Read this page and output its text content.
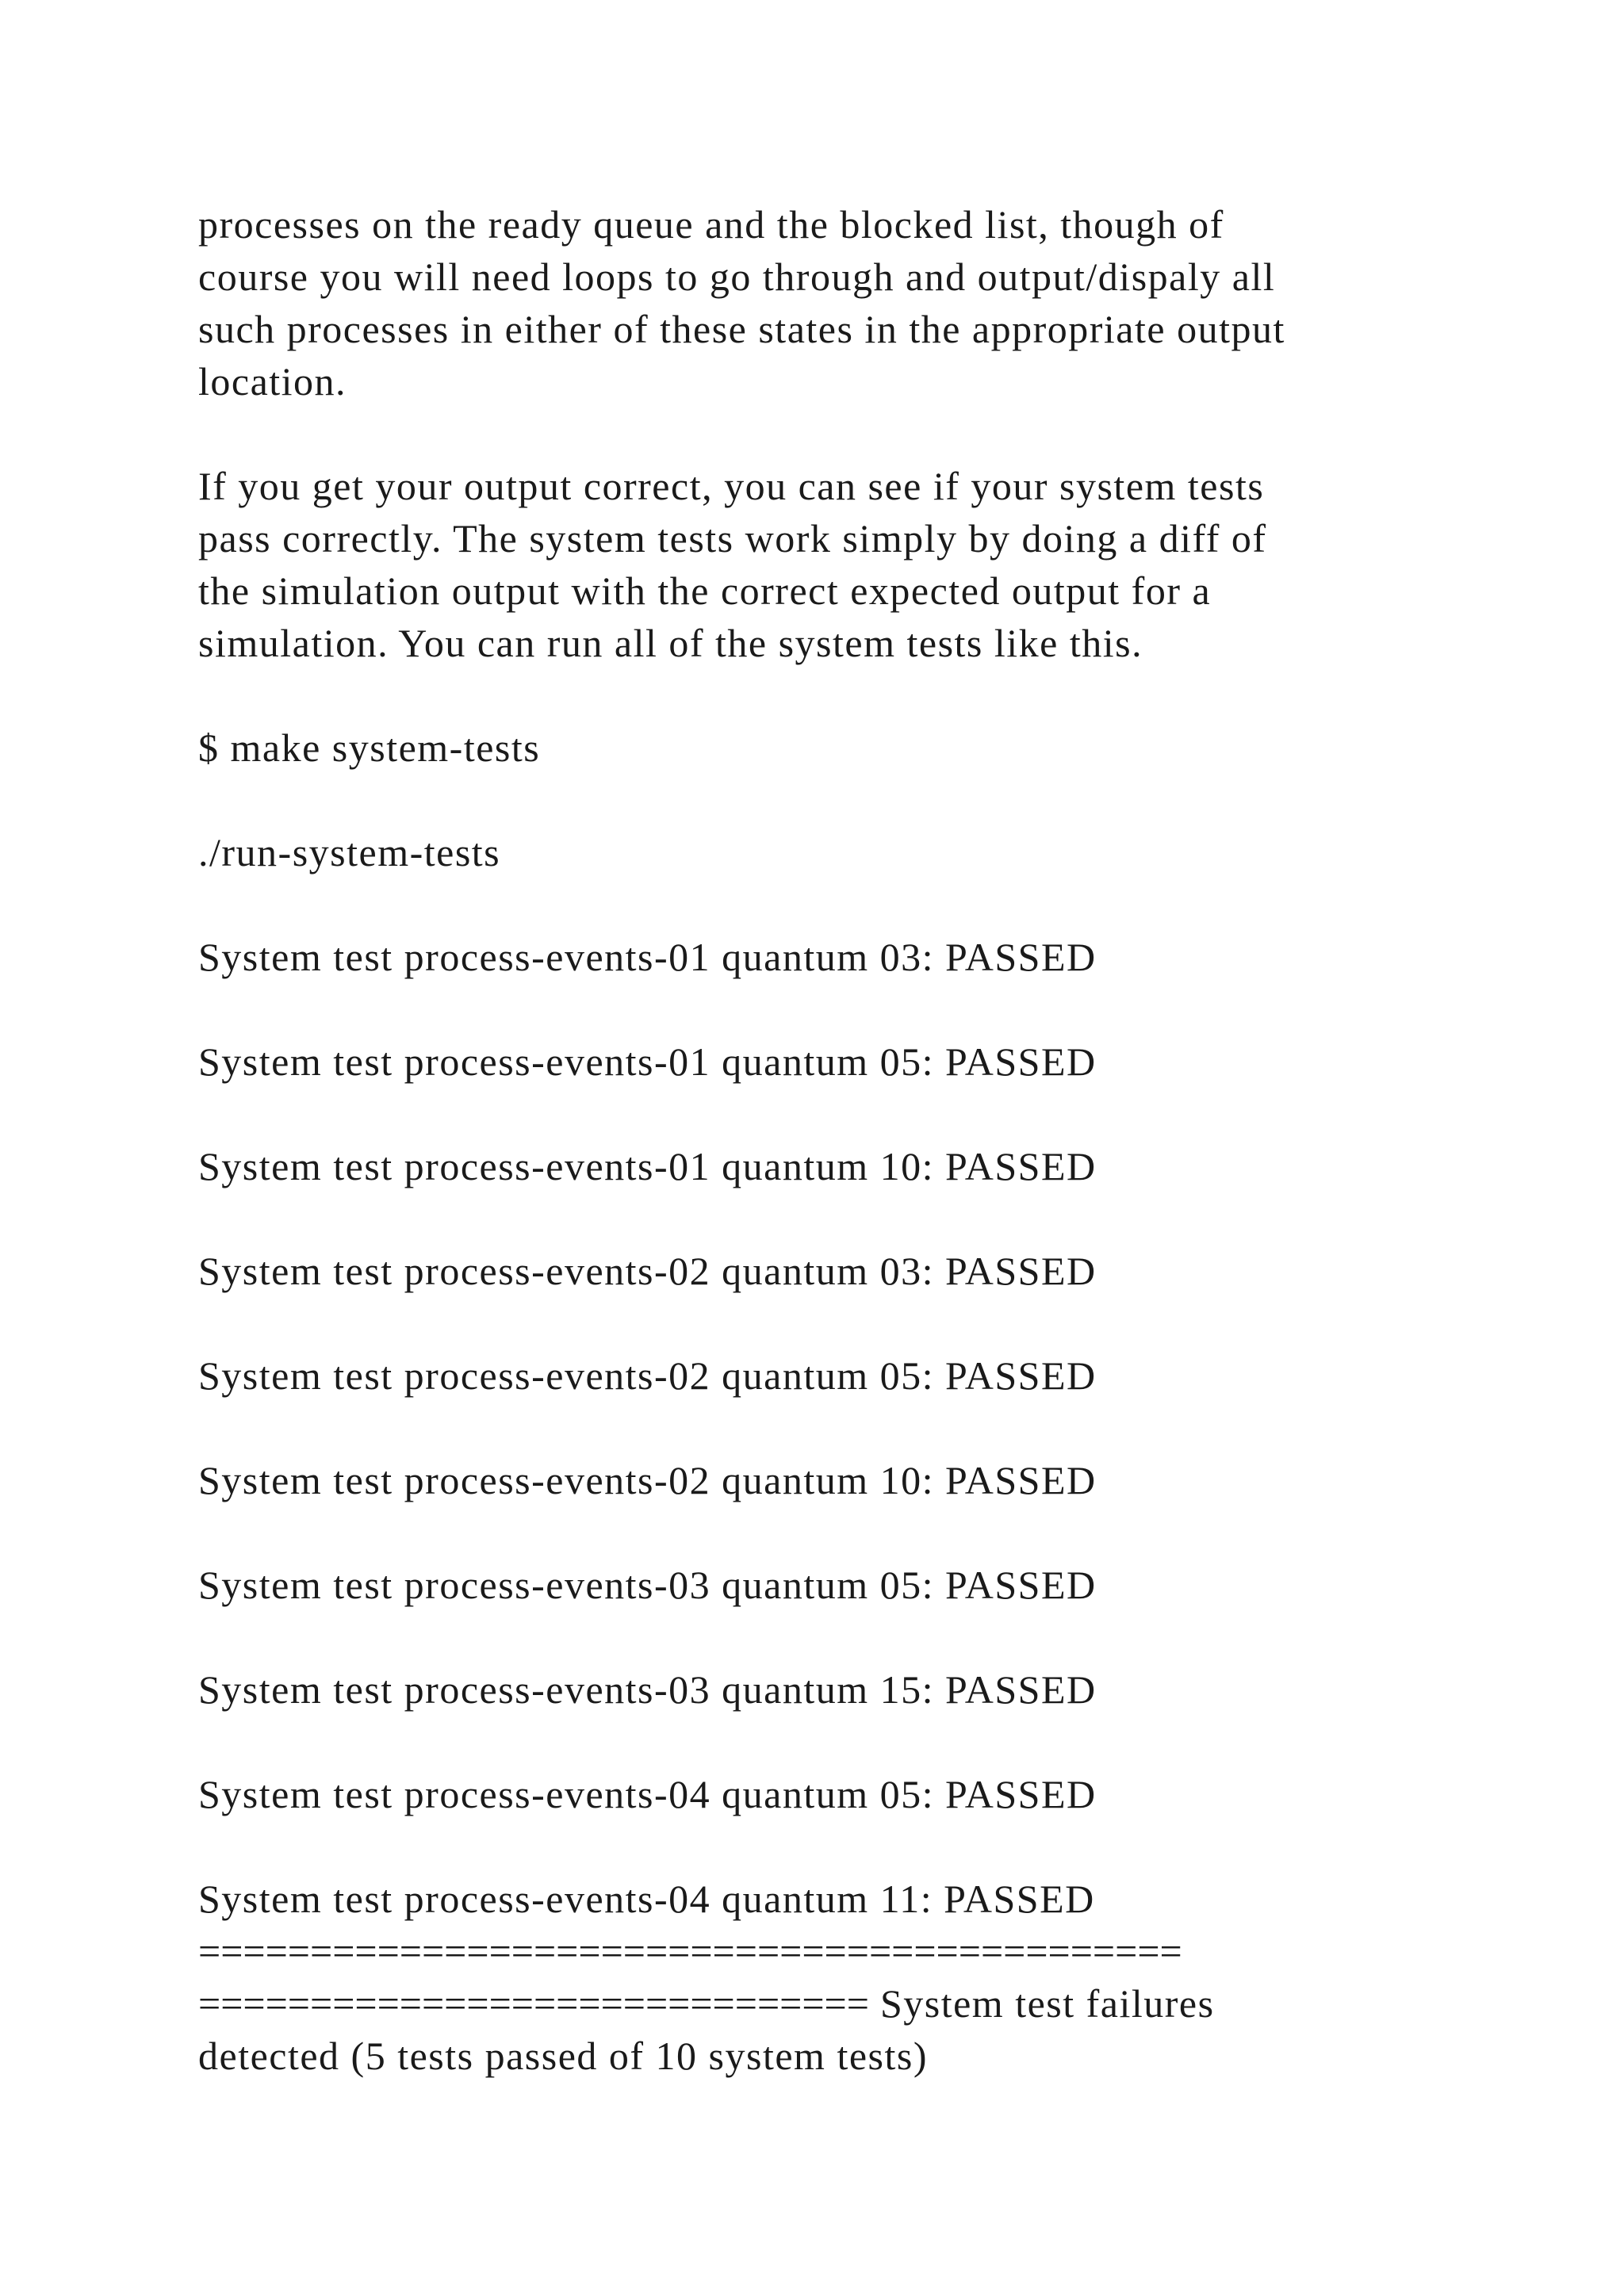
processes on the ready queue and the blocked list, though of
course you will need loops to go through and output/dispaly all
such processes in either of these states in the appropriate output
location.
If you get your output correct, you can see if your system tests
pass correctly. The system tests work simply by doing a diff of
the simulation output with the correct expected output for a
simulation. You can run all of the system tests like this.
$ make system-tests
./run-system-tests
System test process-events-01 quantum 03: PASSED
System test process-events-01 quantum 05: PASSED
System test process-events-01 quantum 10: PASSED
System test process-events-02 quantum 03: PASSED
System test process-events-02 quantum 05: PASSED
System test process-events-02 quantum 10: PASSED
System test process-events-03 quantum 05: PASSED
System test process-events-03 quantum 15: PASSED
System test process-events-04 quantum 05: PASSED
System test process-events-04 quantum 11: PASSED
============================================
============================== System test failures
detected (5 tests passed of 10 system tests)
